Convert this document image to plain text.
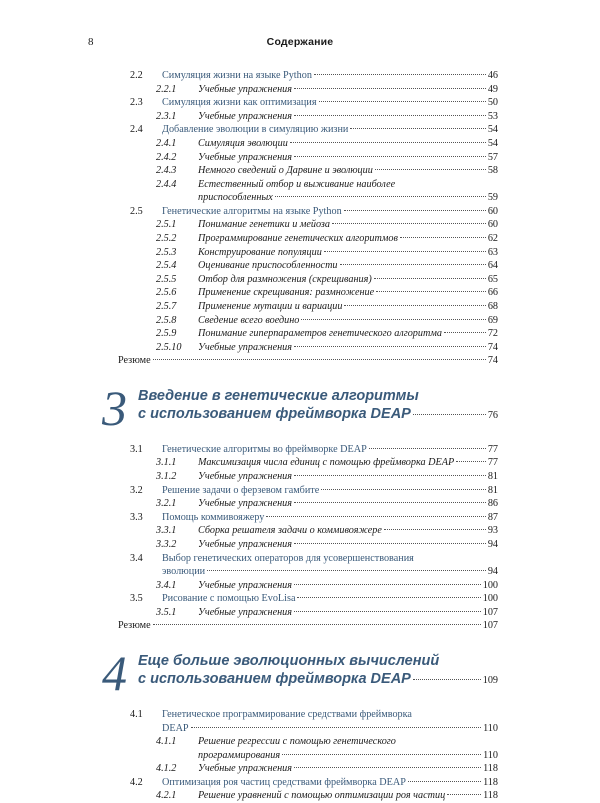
8	Содержание
2.2 Симуляция жизни на языке Python	46
2.2.1 Учебные упражнения	49
2.3 Симуляция жизни как оптимизация	50
2.3.1 Учебные упражнения	53
2.4 Добавление эволюции в симуляцию жизни	54
2.4.1 Симуляция эволюции	54
2.4.2 Учебные упражнения	57
2.4.3 Немного сведений о Дарвине и эволюции	58
2.4.4 Естественный отбор и выживание наиболее
приспособленных	59
2.5 Генетические алгоритмы на языке Python	60
2.5.1 Понимание генетики и мейоза	60
2.5.2 Программирование генетических алгоритмов	62
2.5.3 Конструирование популяции	63
2.5.4 Оценивание приспособленности	64
2.5.5 Отбор для размножения (скрещивания)	65
2.5.6 Применение скрещивания: размножение	66
2.5.7 Применение мутации и вариации	68
2.5.8 Сведение всего воедино	69
2.5.9 Понимание гиперпараметров генетического алгоритма	72
2.5.10 Учебные упражнения	74
Резюме	74
3 Введение в генетические алгоритмы
с использованием фреймворка DEAP	76
3.1 Генетические алгоритмы во фреймворке DEAP	77
3.1.1 Максимизация числа единиц с помощью фреймворка DEAP	77
3.1.2 Учебные упражнения	81
3.2 Решение задачи о ферзевом гамбите	81
3.2.1 Учебные упражнения	86
3.3 Помощь коммивояжеру	87
3.3.1 Сборка решателя задачи о коммивояжере	93
3.3.2 Учебные упражнения	94
3.4 Выбор генетических операторов для усовершенствования
эволюции	94
3.4.1 Учебные упражнения	100
3.5 Рисование с помощью EvoLisa	100
3.5.1 Учебные упражнения	107
Резюме	107
4 Еще больше эволюционных вычислений
с использованием фреймворка DEAP	109
4.1 Генетическое программирование средствами фреймворка
DEAP	110
4.1.1 Решение регрессии с помощью генетического
программирования	110
4.1.2 Учебные упражнения	118
4.2 Оптимизация роя частиц средствами фреймворка DEAP	118
4.2.1 Решение уравнений с помощью оптимизации роя частиц	118
